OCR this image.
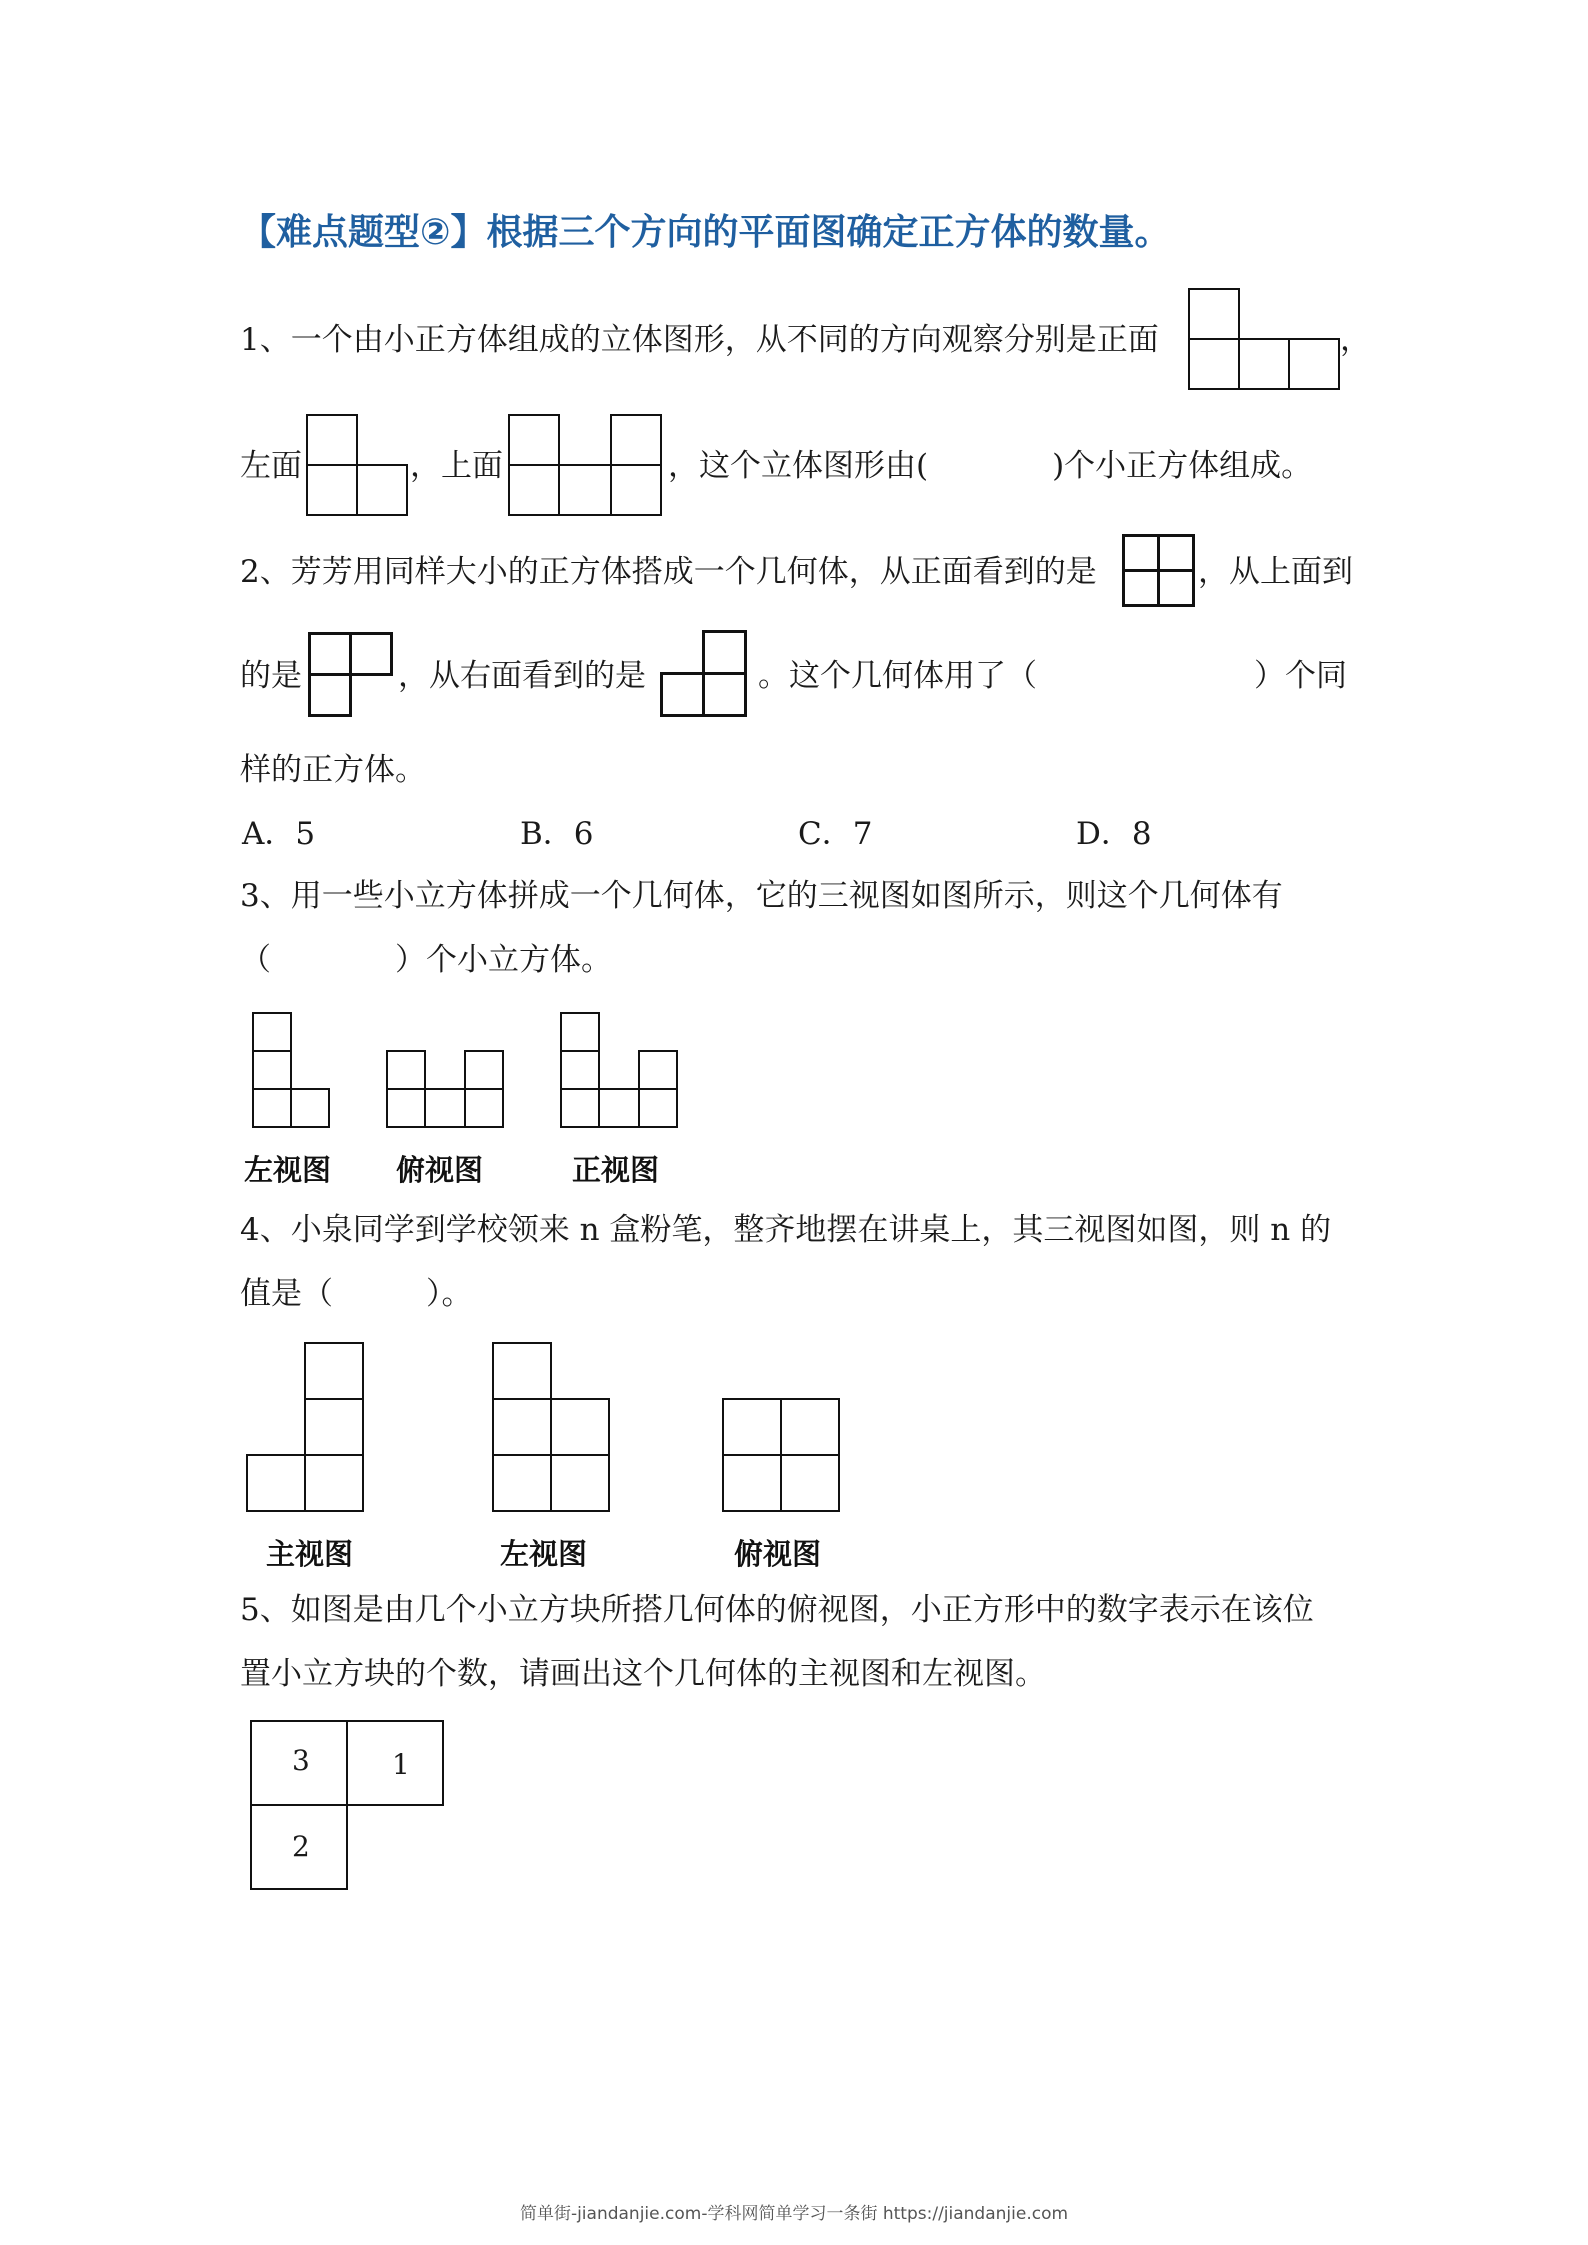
【难点题型②】根据三个方向的平面图确定正方体的数量。
1、一个由小正方体组成的立体图形，从不同的方向观察分别是正面	，
左面	，上面	，这个立体图形由(　　　　)个小正方体组成。
2、芳芳用同样大小的正方体搭成一个几何体，从正面看到的是	，从上面到
的是	，从右面看到的是	。这个几何体用了（　　　　　　　）个同
样的正方体。
A．5	B．6	C．7	D．8
3、用一些小立方体拼成一个几何体，它的三视图如图所示，则这个几何体有
（　　　　）个小立方体。
左视图 俯视图	正视图
4、小泉同学到学校领来 n 盒粉笔，整齐地摆在讲桌上，其三视图如图，则 n 的
值是（　　　）。
主视图	左视图	俯视图
5、如图是由几个小立方块所搭几何体的俯视图，小正方形中的数字表示在该位
置小立方块的个数，请画出这个几何体的主视图和左视图。
3	1
2
简单街-jiandanjie.com-学科网简单学习一条街 https://jiandanjie.com
